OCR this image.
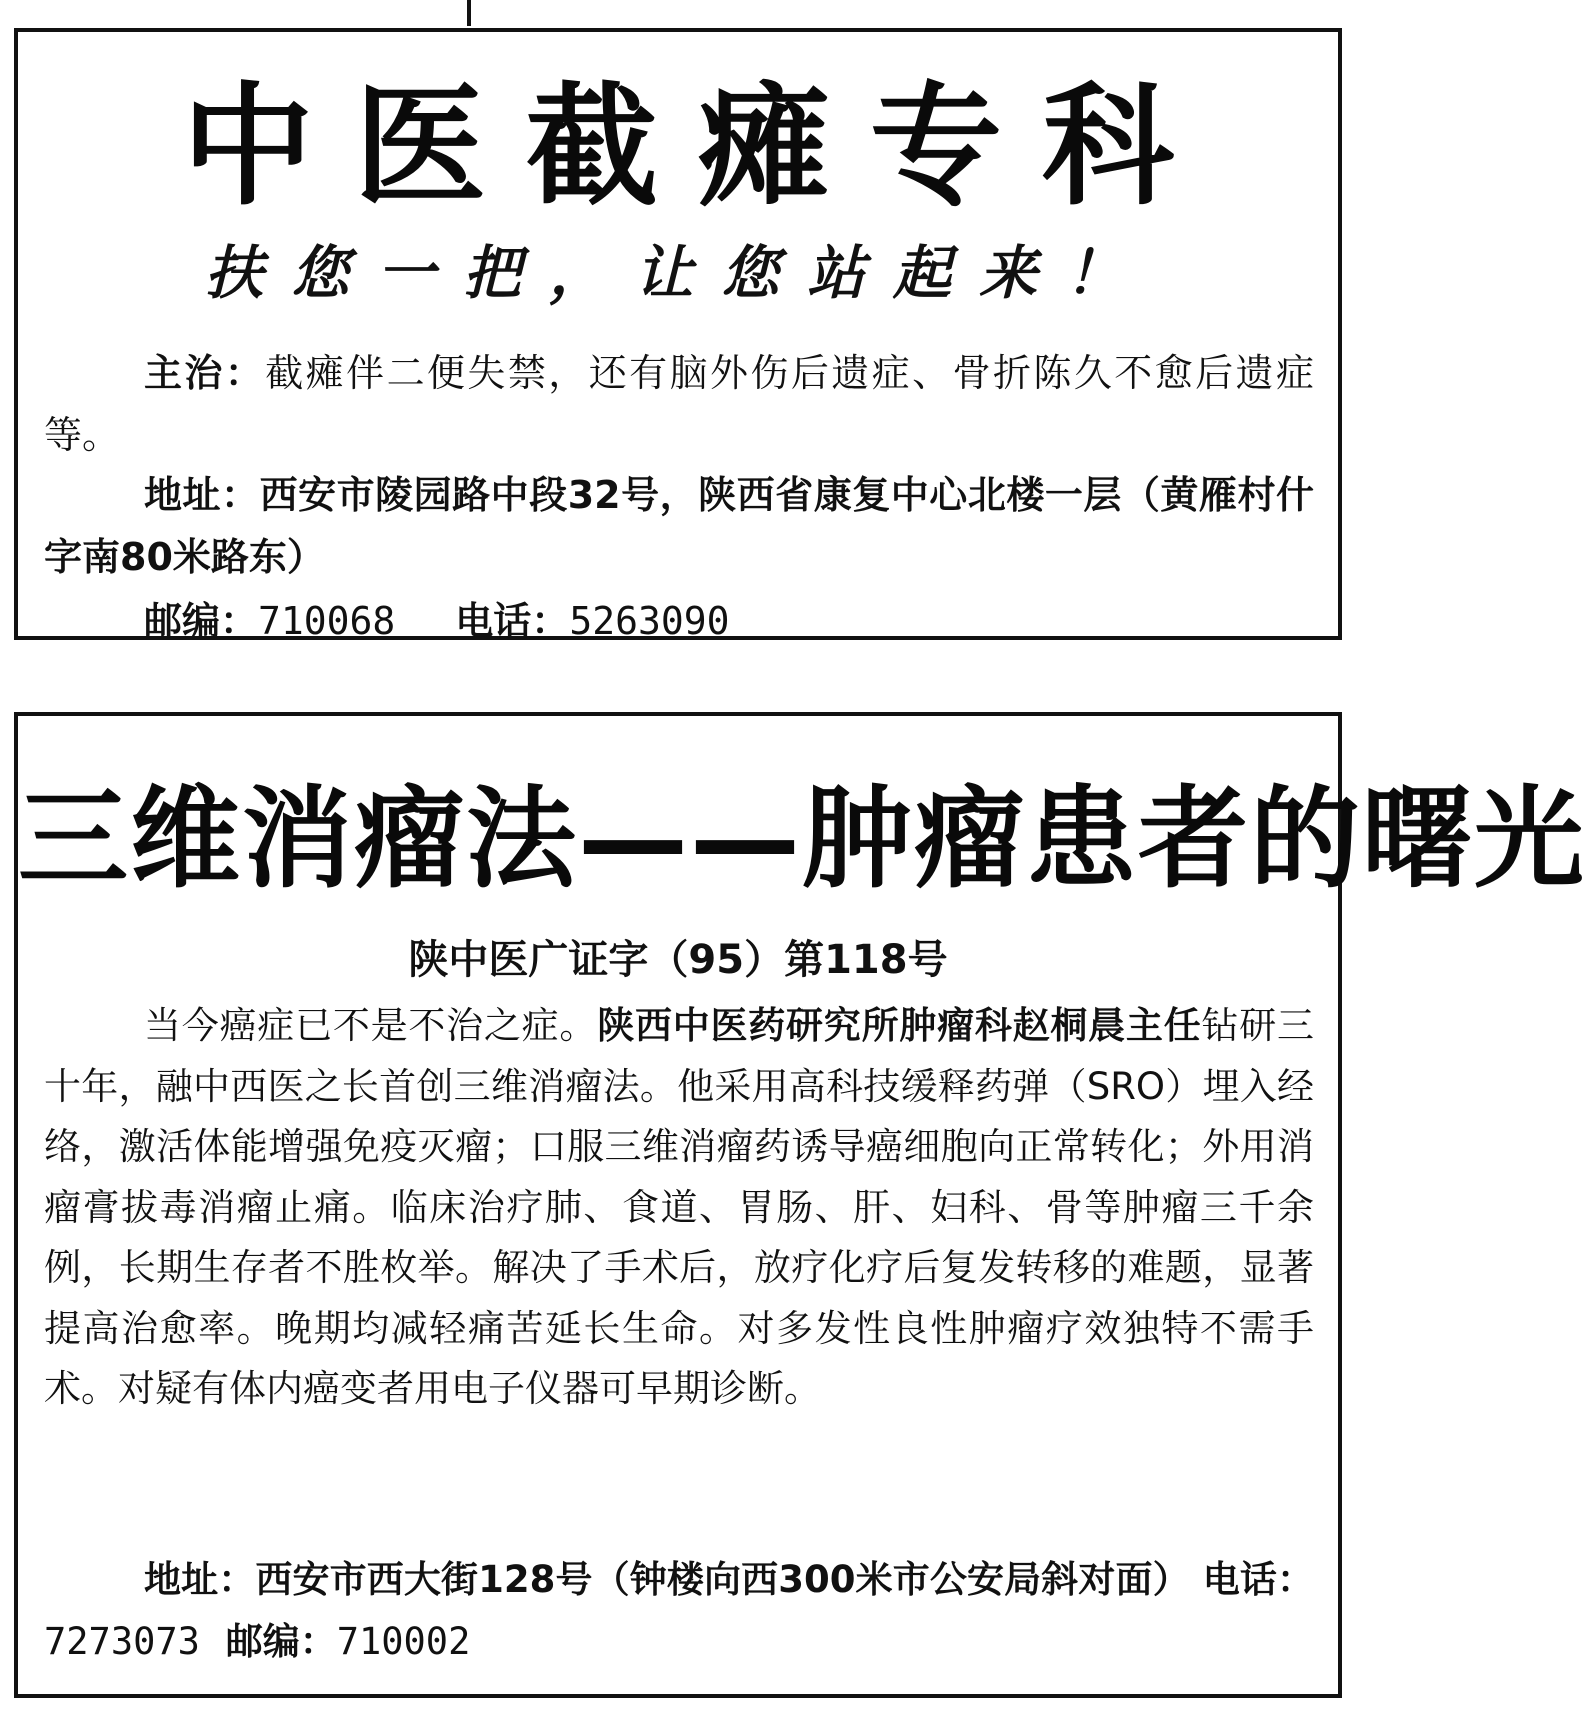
中医截瘫专科
扶您一把，让您站起来！
主治：截瘫伴二便失禁，还有脑外伤后遗症、骨折陈久不愈后遗症等。
地址：西安市陵园路中段32号，陕西省康复中心北楼一层（黄雁村什字南80米路东）
邮编：710068 电话：5263090
三维消瘤法——肿瘤患者的曙光
陕中医广证字（95）第118号
当今癌症已不是不治之症。陕西中医药研究所肿瘤科赵桐晨主任钻研三十年，融中西医之长首创三维消瘤法。他采用高科技缓释药弹（SRO）埋入经络，激活体能增强免疫灭瘤；口服三维消瘤药诱导癌细胞向正常转化；外用消瘤膏拔毒消瘤止痛。临床治疗肺、食道、胃肠、肝、妇科、骨等肿瘤三千余例，长期生存者不胜枚举。解决了手术后，放疗化疗后复发转移的难题，显著提高治愈率。晚期均减轻痛苦延长生命。对多发性良性肿瘤疗效独特不需手术。对疑有体内癌变者用电子仪器可早期诊断。
地址：西安市西大街128号（钟楼向西300米市公安局斜对面） 电话：7273073 邮编：710002
